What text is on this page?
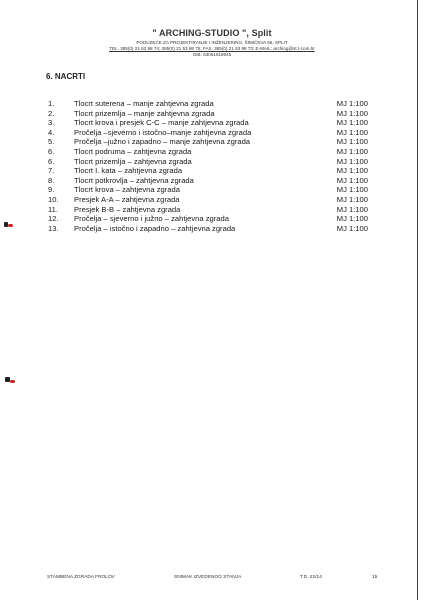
" ARCHING-STUDIO ", Split
PODUZEĆE ZA PROJEKTIRANJE I INŽENJERING, ŠIMIĆEVA 56, SPLIT
TEL. 385(0) 21 53 98 74; 385(0) 21 53 98 75; FAX. 385(0) 21 53 98 73; E-MAIL: arching@st.t-com.hr
OIB: 63051518045
6. NACRTI
1.	Tlocrt suterena – manje zahtjevna zgrada	MJ 1:100
2.	Tlocrt prizemlja – manje zahtjevna zgrada	MJ 1:100
3.	Tlocrt krova i presjek C-C – manje zahtjevna zgrada	MJ 1:100
4.	Pročelja –sjeverno i istočno–manje zahtjevna zgrada	MJ 1:100
5.	Pročelja –južno i zapadno – manje zahtjevna zgrada	MJ 1:100
6.	Tlocrt podruma – zahtjevna zgrada	MJ 1:100
6.	Tlocrt prizemlja – zahtjevna zgrada	MJ 1:100
7.	Tlocrt I. kata – zahtjevna zgrada	MJ 1:100
8.	Tlocrt potkrovlja – zahtjevna zgrada	MJ 1:100
9.	Tlocrt krova – zahtjevna zgrada	MJ 1:100
10.	Presjek A-A – zahtjevna zgrada	MJ 1:100
11.	Presjek B-B – zahtjevna zgrada	MJ 1:100
12.	Pročelja – sjeverno i južno – zahtjevna zgrada	MJ 1:100
13.	Pročelja – istočno i zapadno – zahtjevna zgrada	MJ 1:100
STAMBENA ZGRADA FROLOV	SNIMAK IZVEDENOG STANJA	T.D. 22/14	15
